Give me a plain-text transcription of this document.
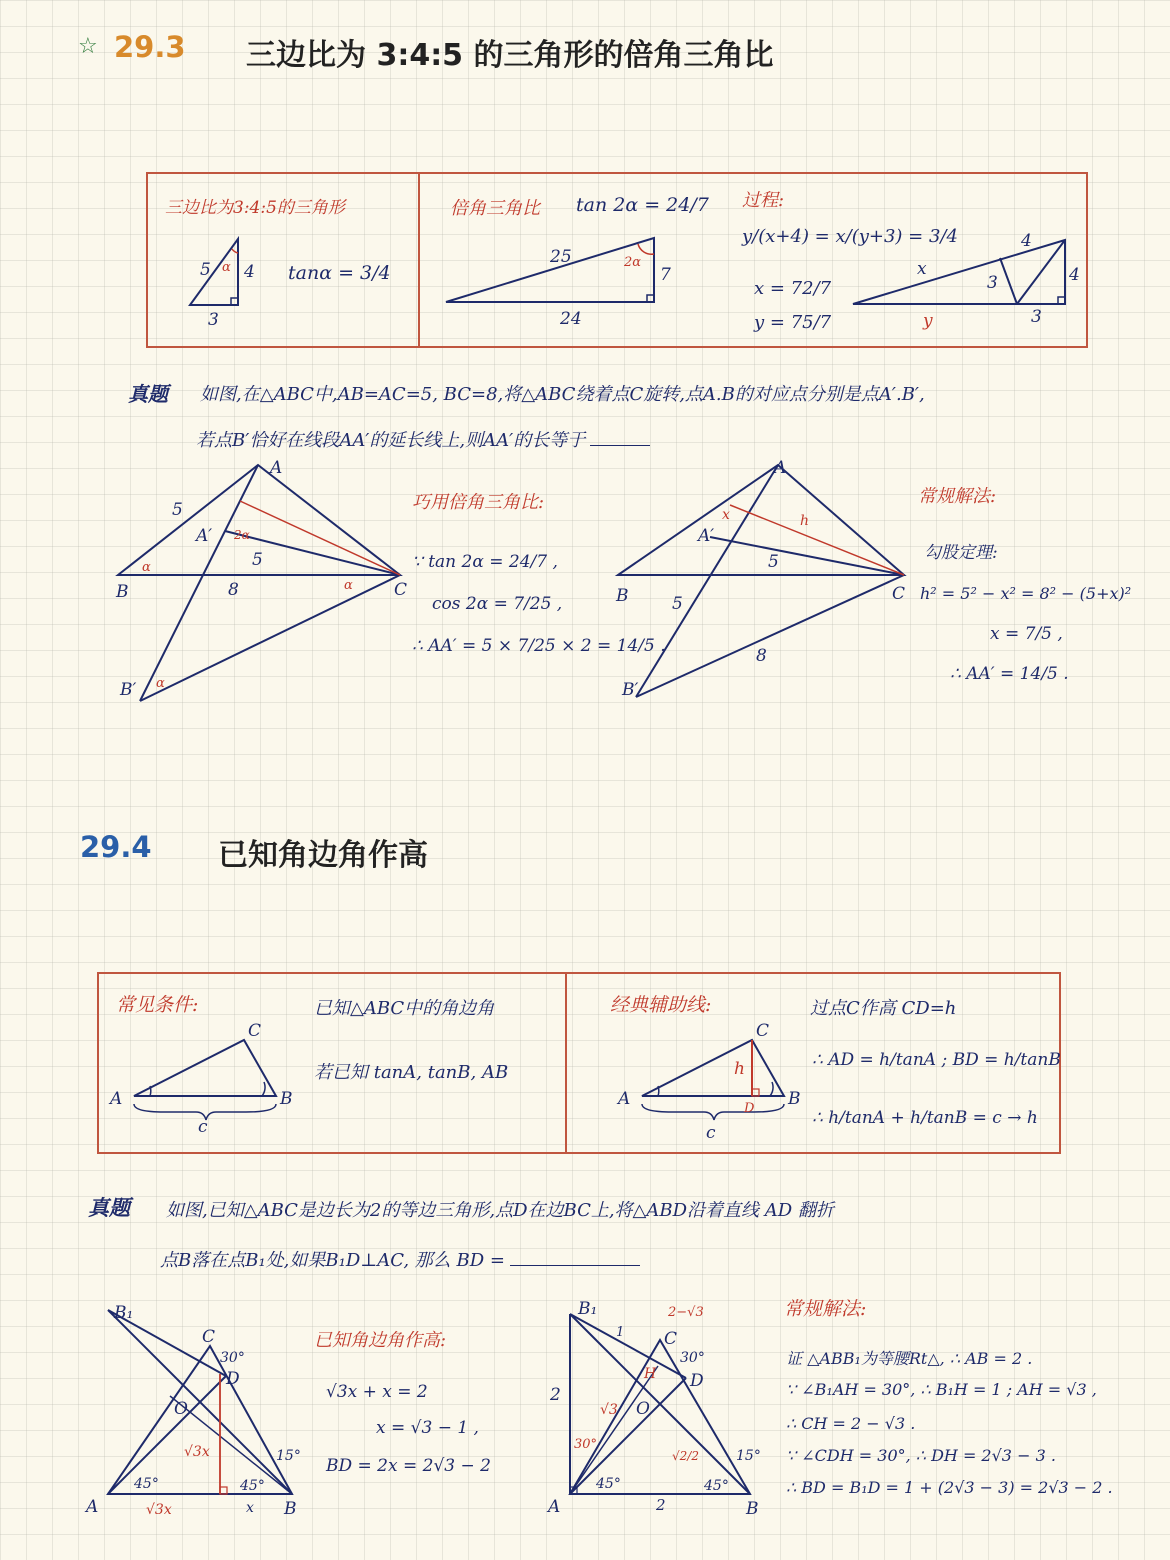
☆ 29.3 三边比为 3:4:5 的三角形的倍角三角比
三边比为3:4:5的三角形
5 4
3
α	tanα = 3/4
倍角三角比 tan 2α = 24/7
25
24
7
2α
过程:
y/(x+4) = x/(y+3) = 3/4
x = 72/7
y = 75/7
x
y
3
3
4
4
真题 如图,在△ABC中,AB=AC=5, BC=8,将△ABC绕着点C旋转,点A.B的对应点分别是点A′.B′,
若点B′恰好在线段AA′的延长线上,则AA′的长等于
A
B	C
A′
B′
5
5
8
α
α
α
2α
巧用倍角三角比:
∵ tan 2α = 24/7 ,
cos 2α = 7/25 ,
∴ AA′ = 5 × 7/25 × 2 = 14/5 .
A
B	C
A′
B′
5
5
8
x	h
常规解法:
勾股定理:
h² = 5² − x² = 8² − (5+x)²
x = 7/5 ,
∴ AA′ = 14/5 .
29.4 已知角边角作高
常见条件:	已知△ABC中的角边角
若已知 tanA, tanB, AB
A	B
C
c
经典辅助线:	过点C作高 CD=h
∴ AD = h/tanA ; BD = h/tanB
∴ h/tanA + h/tanB = c → h
A	B
C
c
h
D
真题 如图,已知△ABC是边长为2的等边三角形,点D在边BC上,将△ABD沿着直线 AD 翻折
点B落在点B₁处,如果B₁D⊥AC, 那么 BD =
A	B
C
D
B₁
O
30°
15°
45°	45°
√3x
√3x	x
已知角边角作高:
√3x + x = 2
x = √3 − 1 ,
BD = 2x = 2√3 − 2
A	B
C
D
H
B₁
O
30°
30°
15°
45°	45°
2
2
1
√3
√2/2
2−√3	常规解法:
证 △ABB₁为等腰Rt△, ∴ AB = 2 .
∵ ∠B₁AH = 30°, ∴ B₁H = 1 ; AH = √3 ,
∴ CH = 2 − √3 .
∵ ∠CDH = 30°, ∴ DH = 2√3 − 3 .
∴ BD = B₁D = 1 + (2√3 − 3) = 2√3 − 2 .
